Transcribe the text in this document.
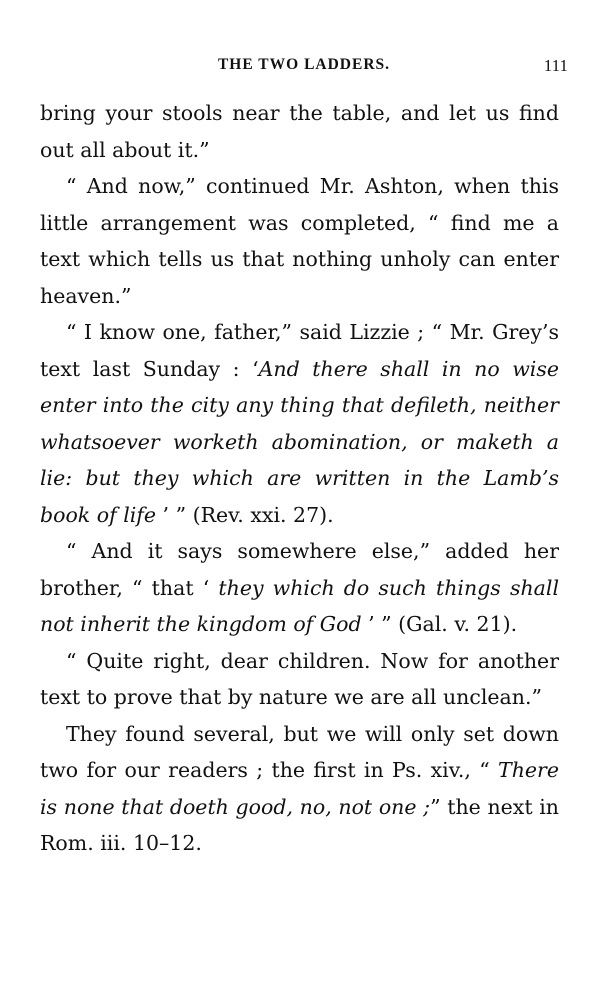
THE TWO LADDERS.	111

bring your stools near the table, and let us find out all about it.”

“ And now,” continued Mr. Ashton, when this little arrangement was completed, “ find me a text which tells us that nothing unholy can enter heaven.”

“ I know one, father,” said Lizzie ; “ Mr. Grey’s text last Sunday : ‘And there shall in no wise enter into the city any thing that defileth, neither whatsoever worketh abomination, or maketh a lie: but they which are written in the Lamb’s book of life ’ ” (Rev. xxi. 27).

“ And it says somewhere else,” added her brother, “ that ‘ they which do such things shall not inherit the kingdom of God ’ ” (Gal. v. 21).

“ Quite right, dear children. Now for another text to prove that by nature we are all unclean.”

They found several, but we will only set down two for our readers ; the first in Ps. xiv., “ There is none that doeth good, no, not one ;” the next in Rom. iii. 10–12.
